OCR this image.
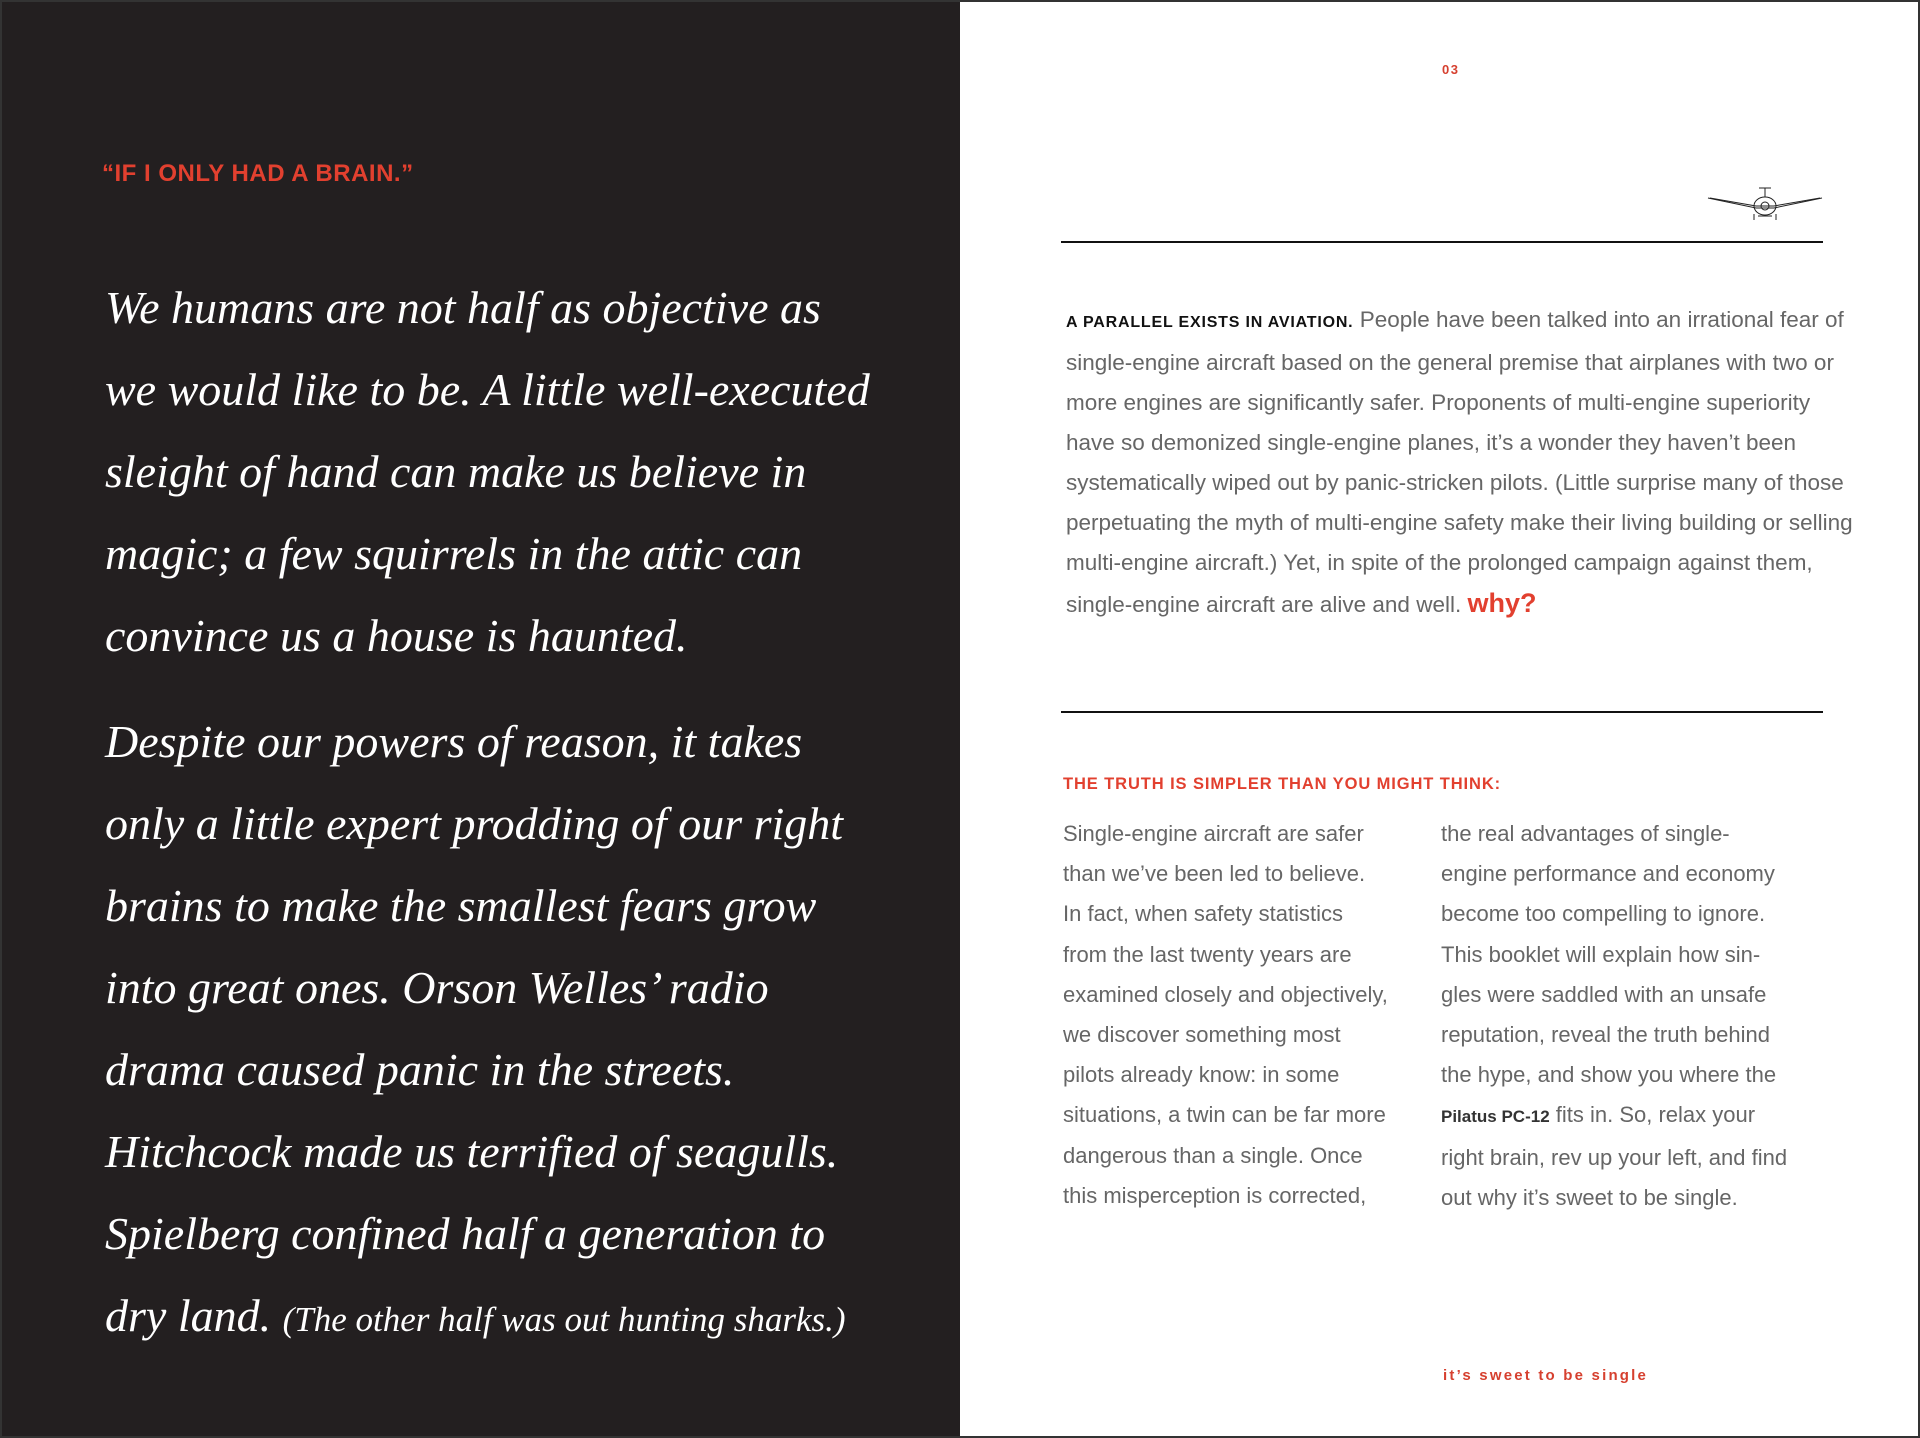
“IF I ONLY HAD A BRAIN.”

We humans are not half as objective as we would like to be. A little well-executed sleight of hand can make us believe in magic; a few squirrels in the attic can convince us a house is haunted.

Despite our powers of reason, it takes only a little expert prodding of our right brains to make the smallest fears grow into great ones. Orson Welles’ radio drama caused panic in the streets. Hitchcock made us terrified of seagulls. Spielberg confined half a generation to dry land. (The other half was out hunting sharks.)

03

A PARALLEL EXISTS IN AVIATION. People have been talked into an irrational fear of single-engine aircraft based on the general premise that airplanes with two or more engines are significantly safer. Proponents of multi-engine superiority have so demonized single-engine planes, it’s a wonder they haven’t been systematically wiped out by panic-stricken pilots. (Little surprise many of those perpetuating the myth of multi-engine safety make their living building or selling multi-engine aircraft.) Yet, in spite of the prolonged campaign against them, single-engine aircraft are alive and well. why?

THE TRUTH IS SIMPLER THAN YOU MIGHT THINK:

Single-engine aircraft are safer
than we’ve been led to believe.
In fact, when safety statistics
from the last twenty years are
examined closely and objectively,
we discover something most
pilots already know: in some
situations, a twin can be far more
dangerous than a single. Once
this misperception is corrected,

the real advantages of single-
engine performance and economy
become too compelling to ignore.
This booklet will explain how sin-
gles were saddled with an unsafe
reputation, reveal the truth behind
the hype, and show you where the
Pilatus PC-12 fits in. So, relax your
right brain, rev up your left, and find
out why it’s sweet to be single.

it’s sweet to be single
